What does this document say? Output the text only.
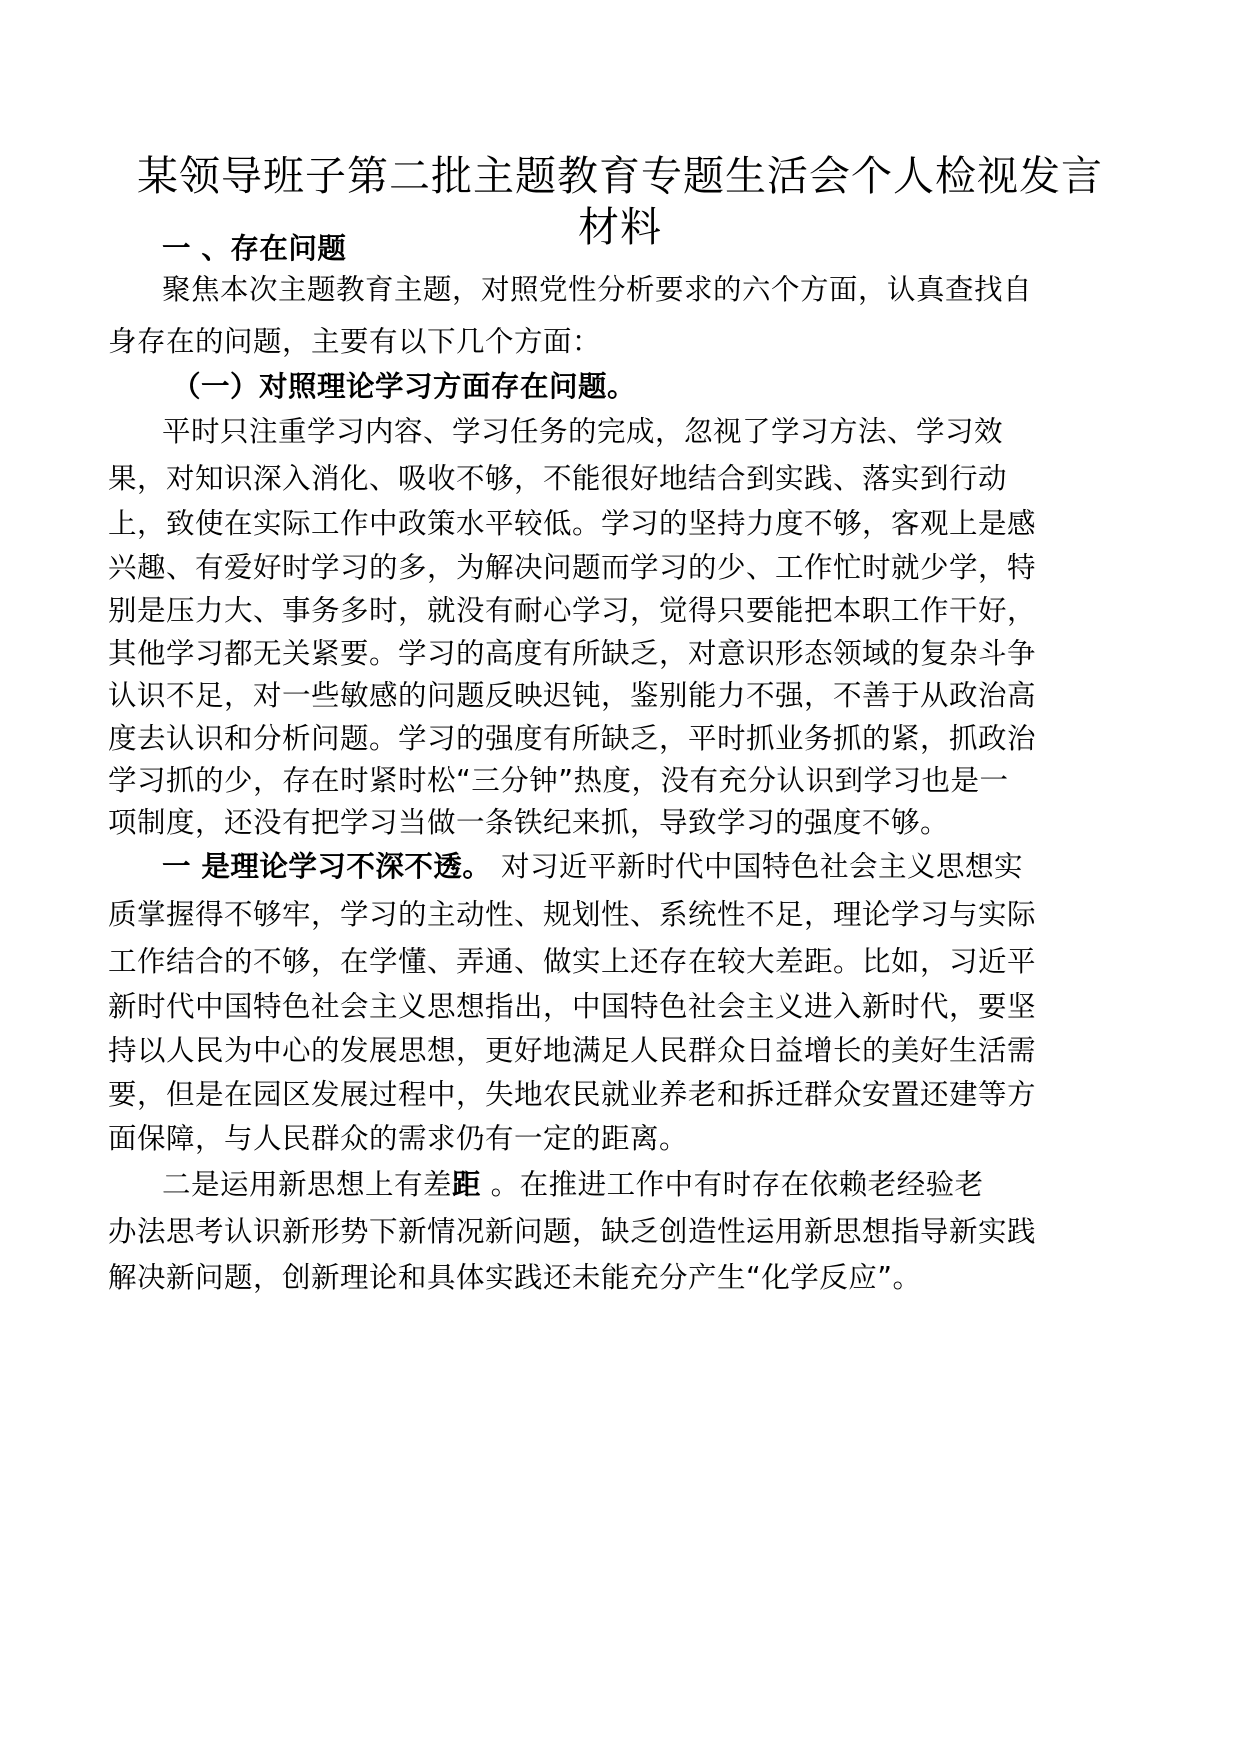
某领导班子第二批主题教育专题生活会个人检视发言
材料
一 、存在问题
聚焦本次主题教育主题，对照党性分析要求的六个方面，认真查找自
身存在的问题，主要有以下几个方面：
（一）对照理论学习方面存在问题。
平时只注重学习内容、学习任务的完成，忽视了学习方法、学习效
果，对知识深入消化、吸收不够，不能很好地结合到实践、落实到行动
上，致使在实际工作中政策水平较低。学习的坚持力度不够，客观上是感
兴趣、有爱好时学习的多，为解决问题而学习的少、工作忙时就少学，特
别是压力大、事务多时，就没有耐心学习，觉得只要能把本职工作干好，
其他学习都无关紧要。学习的高度有所缺乏，对意识形态领域的复杂斗争
认识不足，对一些敏感的问题反映迟钝，鉴别能力不强，不善于从政治高
度去认识和分析问题。学习的强度有所缺乏，平时抓业务抓的紧，抓政治
学习抓的少，存在时紧时松“三分钟”热度，没有充分认识到学习也是一
项制度，还没有把学习当做一条铁纪来抓，导致学习的强度不够。
一 是理论学习不深不透。 对习近平新时代中国特色社会主义思想实
质掌握得不够牢，学习的主动性、规划性、系统性不足，理论学习与实际
工作结合的不够，在学懂、弄通、做实上还存在较大差距。比如，习近平
新时代中国特色社会主义思想指出，中国特色社会主义进入新时代，要坚
持以人民为中心的发展思想，更好地满足人民群众日益增长的美好生活需
要，但是在园区发展过程中，失地农民就业养老和拆迁群众安置还建等方
面保障，与人民群众的需求仍有一定的距离。
二是运用新思想上有差距 。在推进工作中有时存在依赖老经验老
办法思考认识新形势下新情况新问题，缺乏创造性运用新思想指导新实践
解决新问题，创新理论和具体实践还未能充分产生“化学反应”。
